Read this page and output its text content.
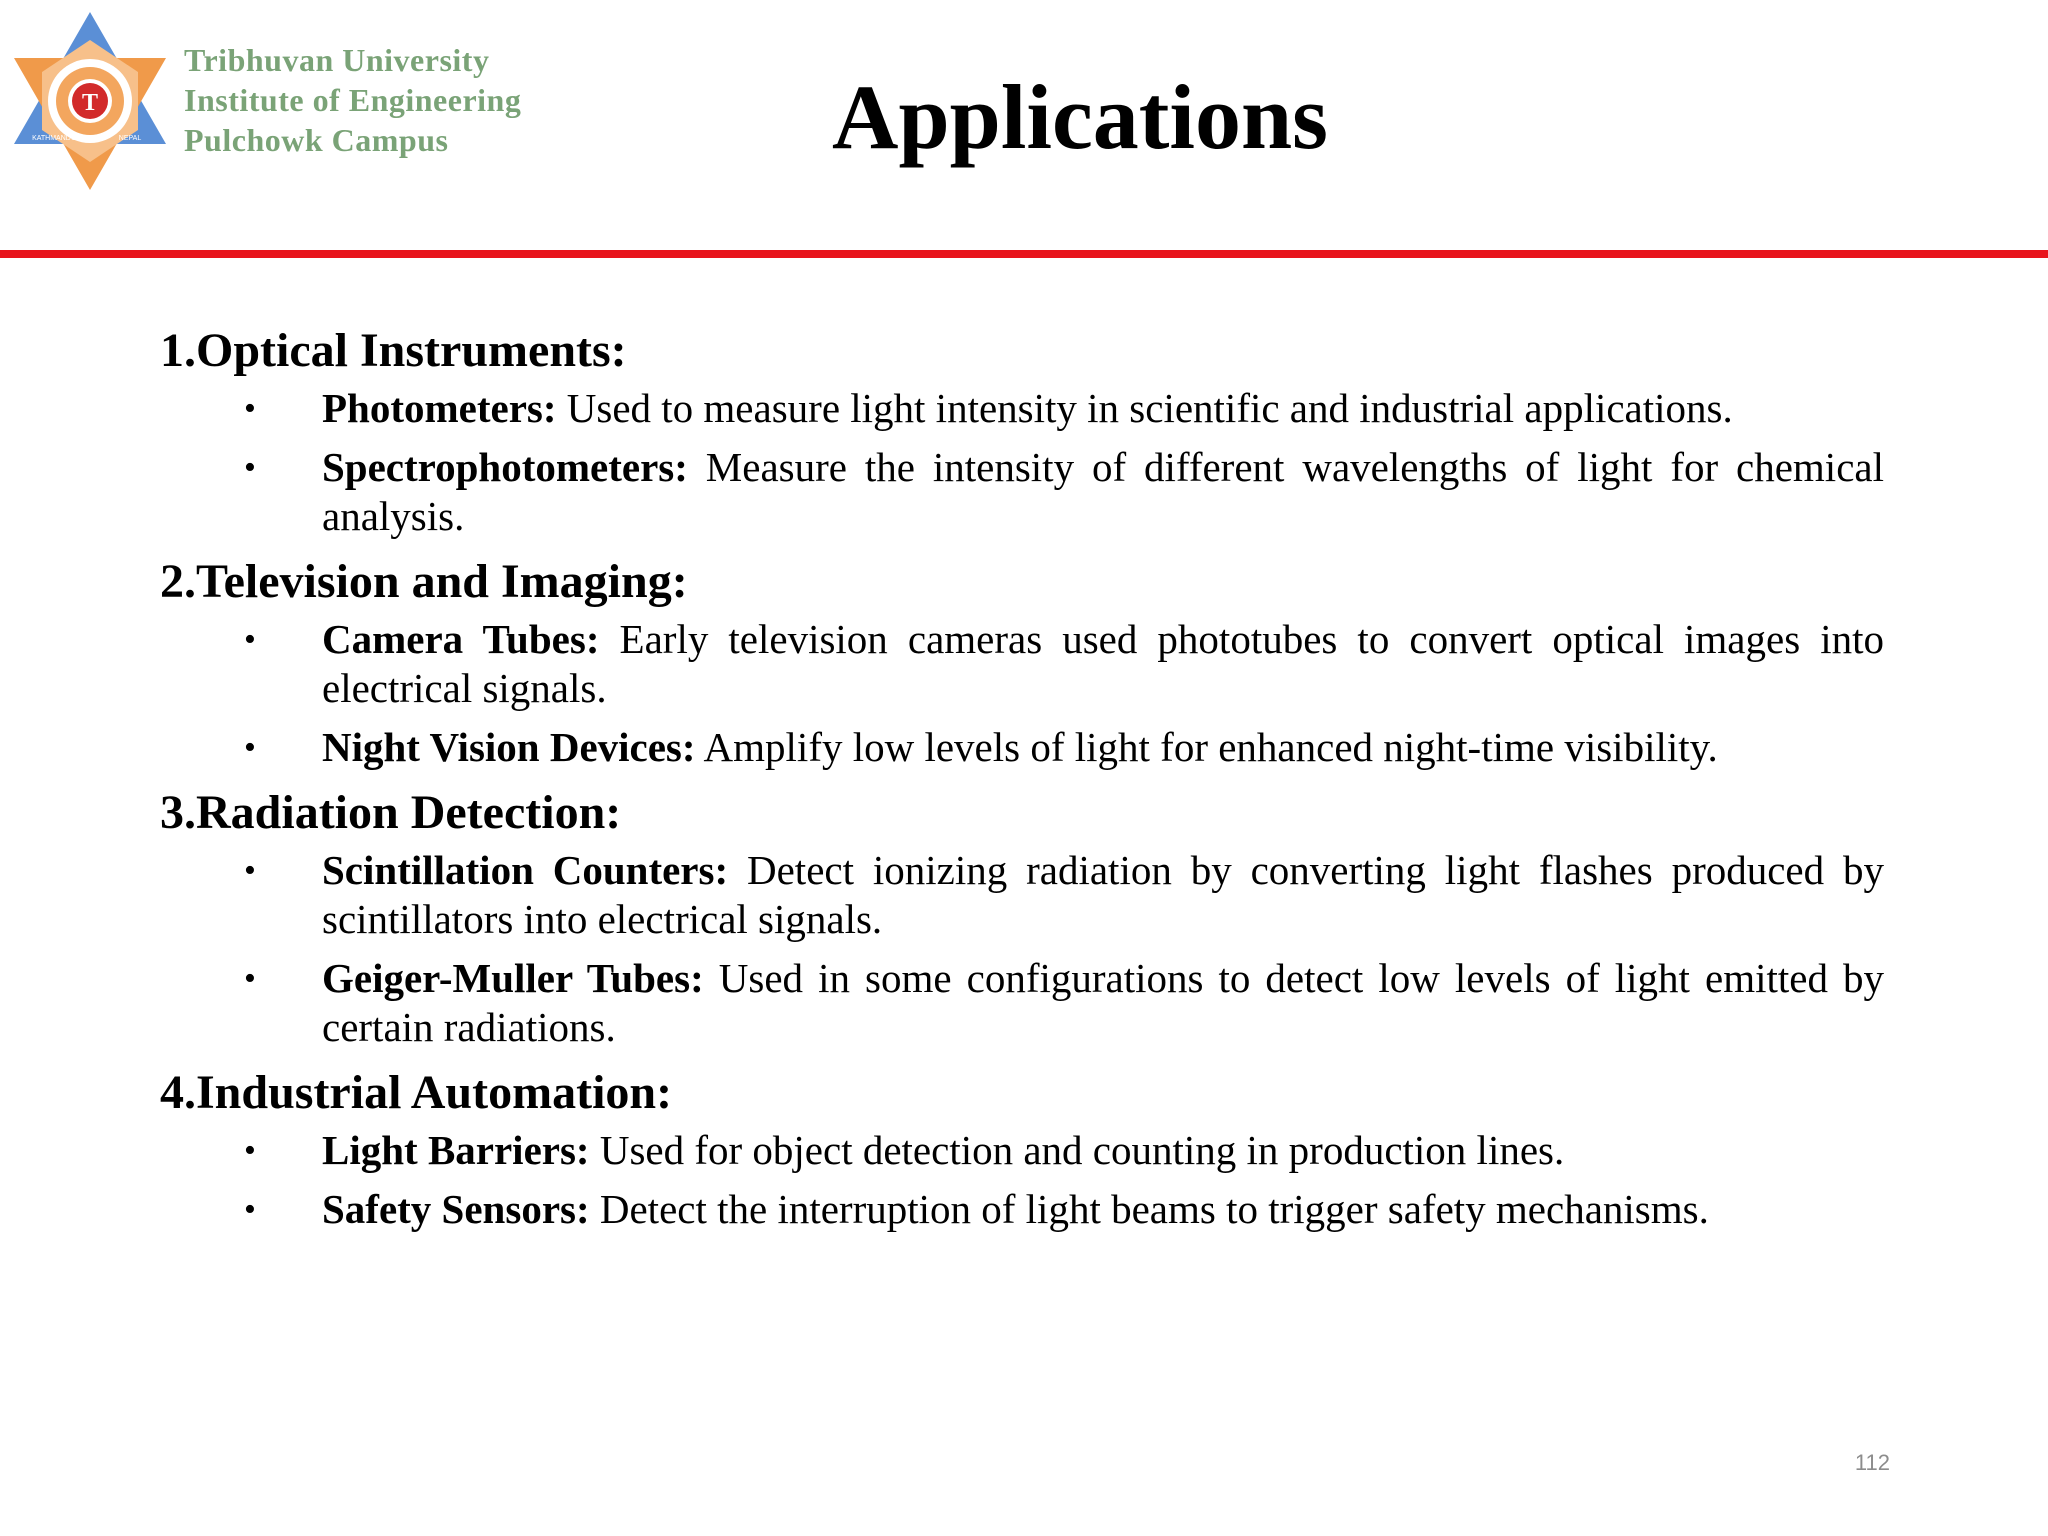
T
KATHMANDU	NEPAL
Tribhuvan University
Institute of Engineering
Pulchowk Campus	Applications

1.Optical Instruments:

• Photometers: Used to measure light intensity in scientific and industrial applications.
• Spectrophotometers: Measure the intensity of different wavelengths of light for chemical analysis.

2.Television and Imaging:

• Camera Tubes: Early television cameras used phototubes to convert optical images into electrical signals.
• Night Vision Devices: Amplify low levels of light for enhanced night-time visibility.

3.Radiation Detection:

• Scintillation Counters: Detect ionizing radiation by converting light flashes produced by scintillators into electrical signals.
• Geiger-Muller Tubes: Used in some configurations to detect low levels of light emitted by certain radiations.

4.Industrial Automation:

• Light Barriers: Used for object detection and counting in production lines.
• Safety Sensors: Detect the interruption of light beams to trigger safety mechanisms.
112
